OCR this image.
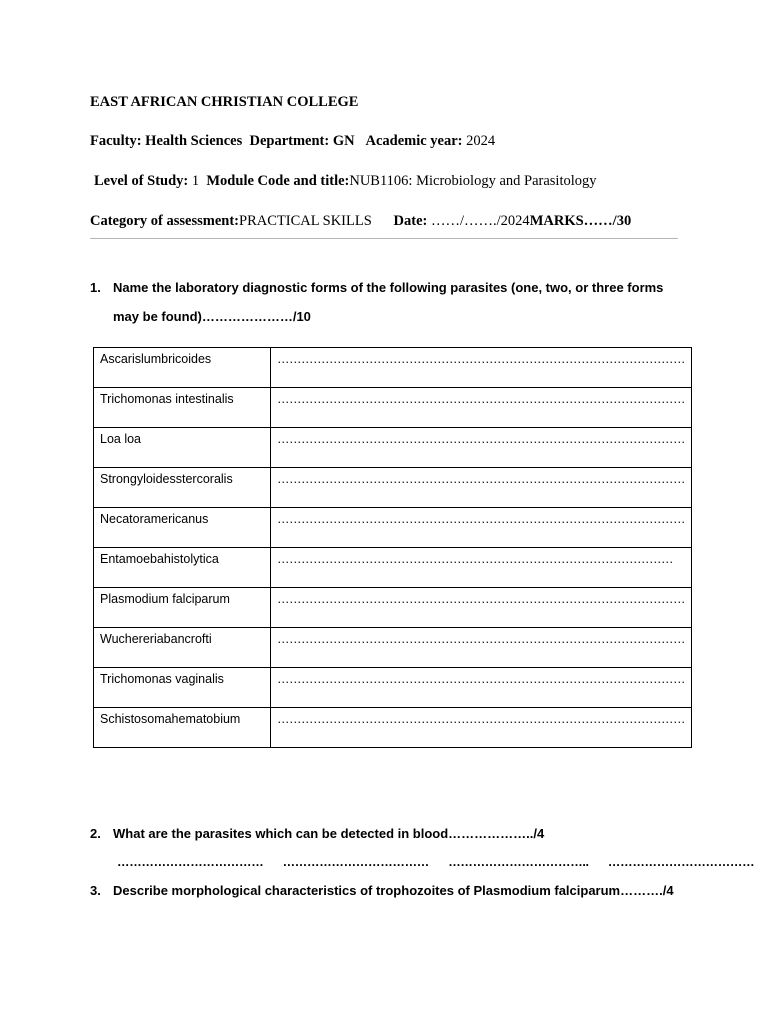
EAST AFRICAN CHRISTIAN COLLEGE
Faculty: Health Sciences Department: GN Academic year: 2024
Level of Study: 1 Module Code and title:NUB1106: Microbiology and Parasitology
Category of assessment:PRACTICAL SKILLS Date: ……/……./2024MARKS……/30
1. Name the laboratory diagnostic forms of the following parasites (one, two, or three forms
may be found)…………………/10
Ascarislumbricoides	…………………………………………………………………………………………
Trichomonas intestinalis	…………………………………………………………………………………………
Loa loa	…………………………………………………………………………………………
Strongyloidesstercoralis	…………………………………………………………………………………………
Necatoramericanus	…………………………………………………………………………………………
Entamoebahistolytica	………………………………………………………………………………………
Plasmodium falciparum	…………………………………………………………………………………………
Wuchereriabancrofti	…………………………………………………………………………………………
Trichomonas vaginalis	…………………………………………………………………………………………
Schistosomahematobium	…………………………………………………………………………………………
2. What are the parasites which can be detected in blood………………../4
……………………………… ……………………………… …………………………….. ………………………………
3. Describe morphological characteristics of trophozoites of Plasmodium falciparum………./4
